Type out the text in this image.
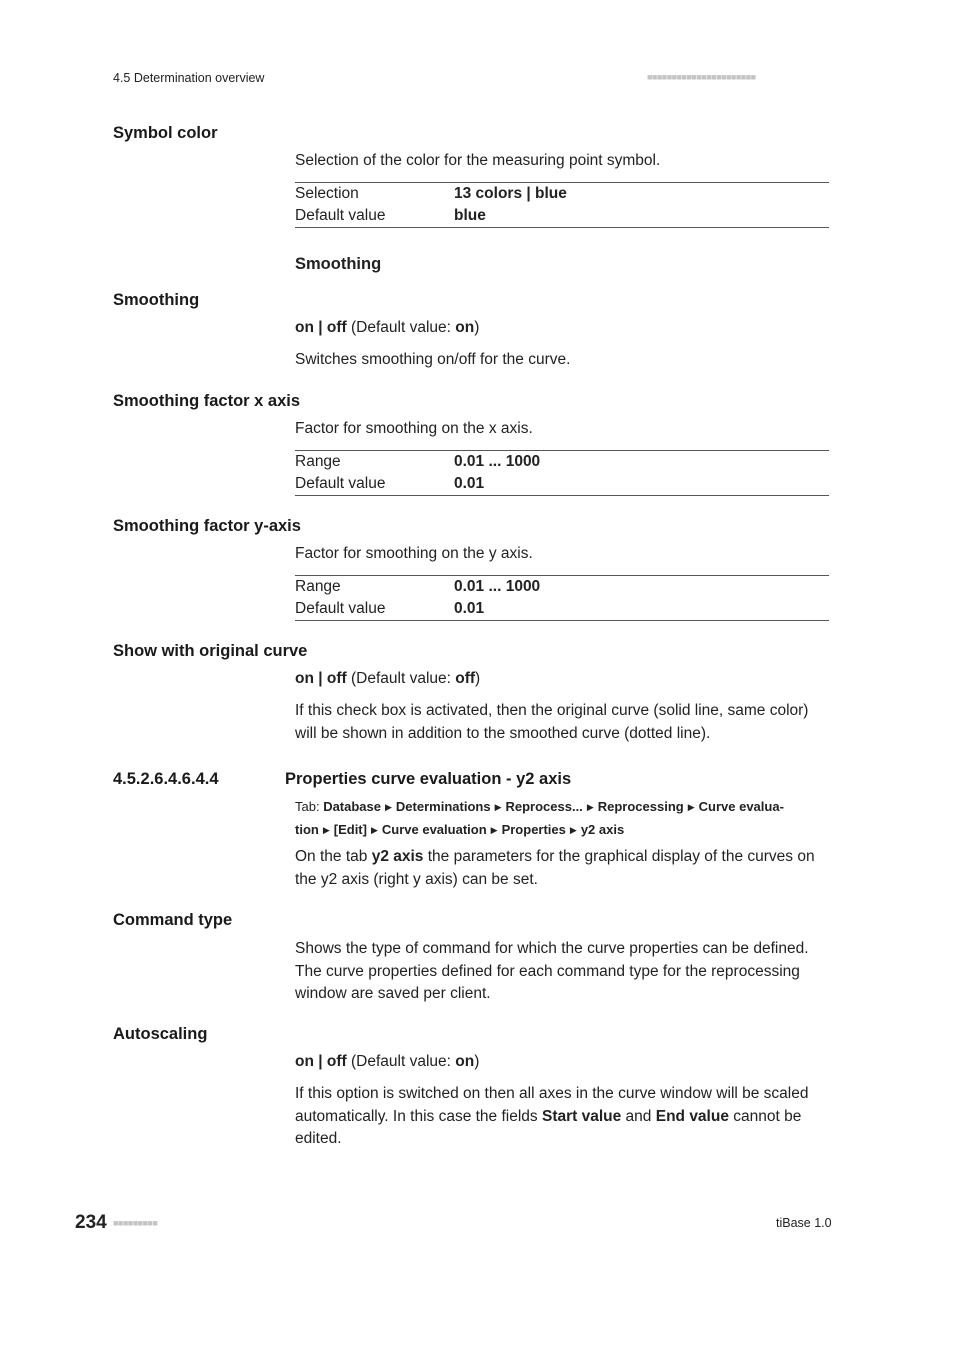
4.5 Determination overview	■■■■■■■■■■■■■■■■■■■■■■
Symbol color
Selection of the color for the measuring point symbol.
Selection	13 colors | blue
Default value	blue
Smoothing
Smoothing
on | off (Default value: on)
Switches smoothing on/off for the curve.
Smoothing factor x axis
Factor for smoothing on the x axis.
Range	0.01 ... 1000
Default value	0.01
Smoothing factor y-axis
Factor for smoothing on the y axis.
Range	0.01 ... 1000
Default value	0.01
Show with original curve
on | off (Default value: off)
If this check box is activated, then the original curve (solid line, same color) will be shown in addition to the smoothed curve (dotted line).
4.5.2.6.4.6.4.4	Properties curve evaluation - y2 axis
Tab: Database ▶ Determinations ▶ Reprocess... ▶ Reprocessing ▶ Curve evalua-tion ▶ [Edit] ▶ Curve evaluation ▶ Properties ▶ y2 axis
On the tab y2 axis the parameters for the graphical display of the curves on the y2 axis (right y axis) can be set.
Command type
Shows the type of command for which the curve properties can be defined. The curve properties defined for each command type for the reprocessing window are saved per client.
Autoscaling
on | off (Default value: on)
If this option is switched on then all axes in the curve window will be scaled automatically. In this case the fields Start value and End value cannot be edited.
234 ■■■■■■■■■	tiBase 1.0
